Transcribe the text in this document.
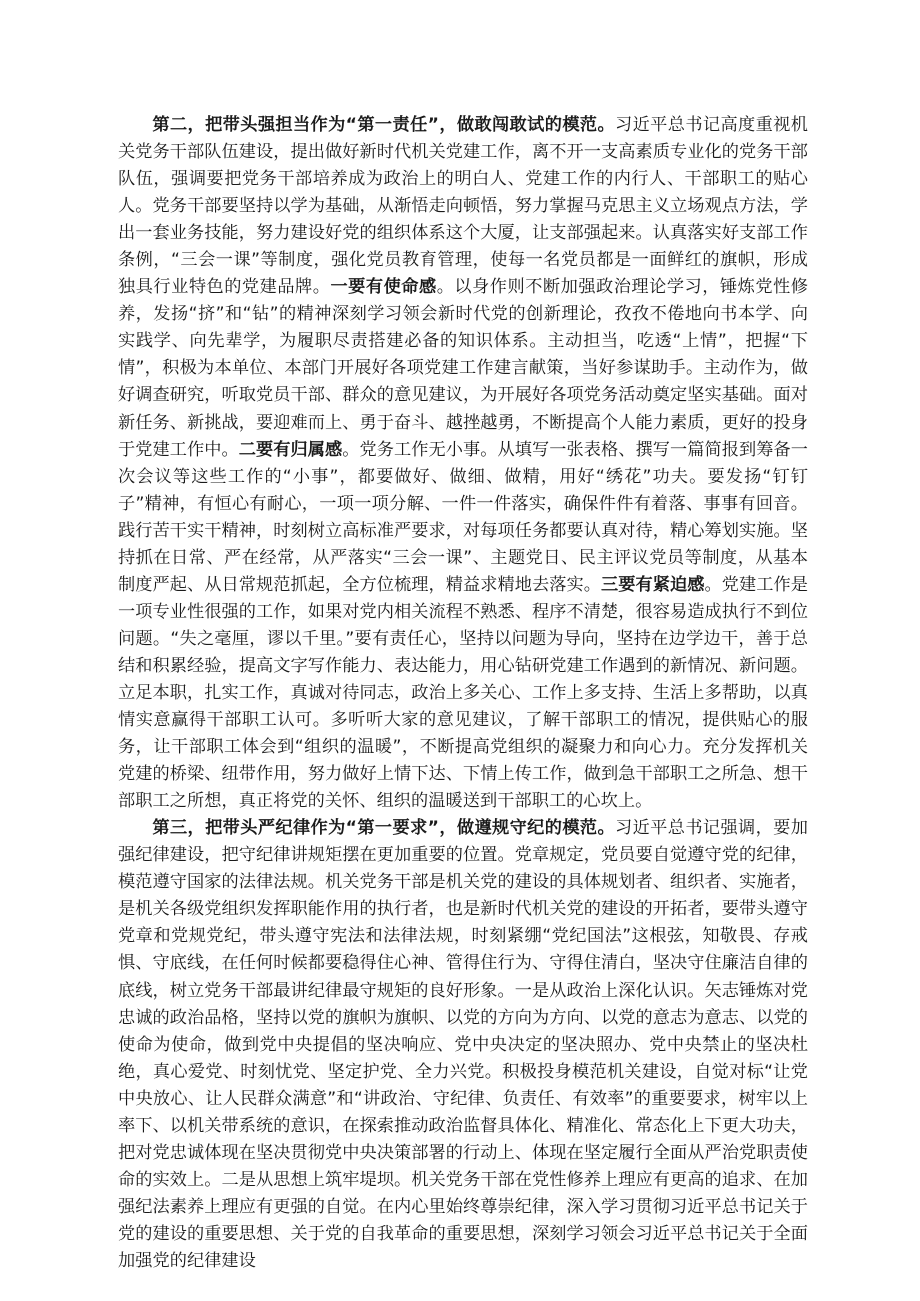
第二，把带头强担当作为“第一责任”，做敢闯敢试的模范。习近平总书记高度重视机关党务干部队伍建设，提出做好新时代机关党建工作，离不开一支高素质专业化的党务干部队伍，强调要把党务干部培养成为政治上的明白人、党建工作的内行人、干部职工的贴心人。党务干部要坚持以学为基础，从渐悟走向顿悟，努力掌握马克思主义立场观点方法，学出一套业务技能，努力建设好党的组织体系这个大厦，让支部强起来。认真落实好支部工作条例，“三会一课”等制度，强化党员教育管理，使每一名党员都是一面鲜红的旗帜，形成独具行业特色的党建品牌。一要有使命感。以身作则不断加强政治理论学习，锤炼党性修养，发扬“挤”和“钻”的精神深刻学习领会新时代党的创新理论，孜孜不倦地向书本学、向实践学、向先辈学，为履职尽责搭建必备的知识体系。主动担当，吃透“上情”，把握“下情”，积极为本单位、本部门开展好各项党建工作建言献策，当好参谋助手。主动作为，做好调查研究，听取党员干部、群众的意见建议，为开展好各项党务活动奠定坚实基础。面对新任务、新挑战，要迎难而上、勇于奋斗、越挫越勇，不断提高个人能力素质，更好的投身于党建工作中。二要有归属感。党务工作无小事。从填写一张表格、撰写一篇简报到筹备一次会议等这些工作的“小事”，都要做好、做细、做精，用好“绣花”功夫。要发扬“钉钉子”精神，有恒心有耐心，一项一项分解、一件一件落实，确保件件有着落、事事有回音。践行苦干实干精神，时刻树立高标准严要求，对每项任务都要认真对待，精心筹划实施。坚持抓在日常、严在经常，从严落实“三会一课”、主题党日、民主评议党员等制度，从基本制度严起、从日常规范抓起，全方位梳理，精益求精地去落实。三要有紧迫感。党建工作是一项专业性很强的工作，如果对党内相关流程不熟悉、程序不清楚，很容易造成执行不到位问题。“失之毫厘，谬以千里。”要有责任心，坚持以问题为导向，坚持在边学边干，善于总结和积累经验，提高文字写作能力、表达能力，用心钻研党建工作遇到的新情况、新问题。立足本职，扎实工作，真诚对待同志，政治上多关心、工作上多支持、生活上多帮助，以真情实意赢得干部职工认可。多听听大家的意见建议，了解干部职工的情况，提供贴心的服务，让干部职工体会到“组织的温暖”，不断提高党组织的凝聚力和向心力。充分发挥机关党建的桥梁、纽带作用，努力做好上情下达、下情上传工作，做到急干部职工之所急、想干部职工之所想，真正将党的关怀、组织的温暖送到干部职工的心坎上。

第三，把带头严纪律作为“第一要求”，做遵规守纪的模范。习近平总书记强调，要加强纪律建设，把守纪律讲规矩摆在更加重要的位置。党章规定，党员要自觉遵守党的纪律，模范遵守国家的法律法规。机关党务干部是机关党的建设的具体规划者、组织者、实施者，是机关各级党组织发挥职能作用的执行者，也是新时代机关党的建设的开拓者，要带头遵守党章和党规党纪，带头遵守宪法和法律法规，时刻紧绷“党纪国法”这根弦，知敬畏、存戒惧、守底线，在任何时候都要稳得住心神、管得住行为、守得住清白，坚决守住廉洁自律的底线，树立党务干部最讲纪律最守规矩的良好形象。一是从政治上深化认识。矢志锤炼对党忠诚的政治品格，坚持以党的旗帜为旗帜、以党的方向为方向、以党的意志为意志、以党的使命为使命，做到党中央提倡的坚决响应、党中央决定的坚决照办、党中央禁止的坚决杜绝，真心爱党、时刻忧党、坚定护党、全力兴党。积极投身模范机关建设，自觉对标“让党中央放心、让人民群众满意”和“讲政治、守纪律、负责任、有效率”的重要要求，树牢以上率下、以机关带系统的意识，在探索推动政治监督具体化、精准化、常态化上下更大功夫，把对党忠诚体现在坚决贯彻党中央决策部署的行动上、体现在坚定履行全面从严治党职责使命的实效上。二是从思想上筑牢堤坝。机关党务干部在党性修养上理应有更高的追求、在加强纪法素养上理应有更强的自觉。在内心里始终尊崇纪律，深入学习贯彻习近平总书记关于党的建设的重要思想、关于党的自我革命的重要思想，深刻学习领会习近平总书记关于全面加强党的纪律建设
